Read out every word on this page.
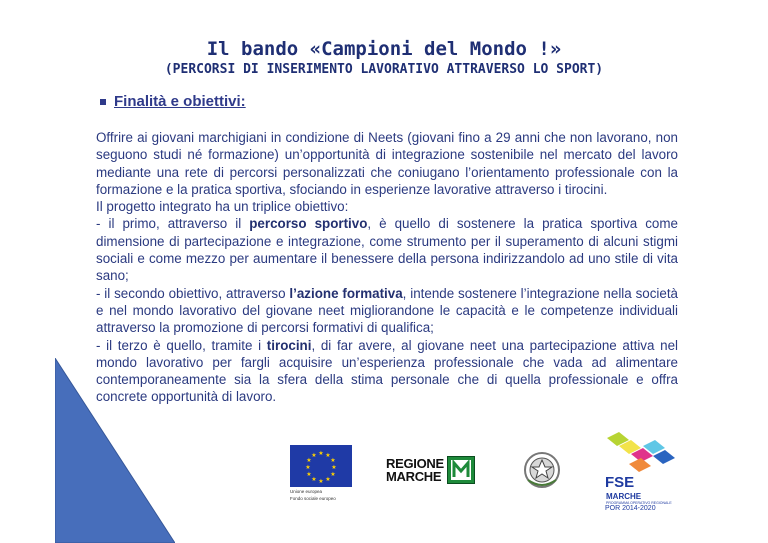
Il bando «Campioni del Mondo !»
(PERCORSI DI INSERIMENTO LAVORATIVO ATTRAVERSO LO SPORT)
Finalità e obiettivi:

Offrire ai giovani marchigiani in condizione di Neets (giovani fino a 29 anni che non lavorano, non seguono studi né formazione) un’opportunità di integrazione sostenibile nel mercato del lavoro mediante una rete di percorsi personalizzati che coniugano l’orientamento professionale con la formazione e la pratica sportiva, sfociando in esperienze lavorative attraverso i tirocini.

Il progetto integrato ha un triplice obiettivo:

- il primo, attraverso il percorso sportivo, è quello di sostenere la pratica sportiva come dimensione di partecipazione e integrazione, come strumento per il superamento di alcuni stigmi sociali e come mezzo per aumentare il benessere della persona indirizzandolo ad uno stile di vita sano;

- il secondo obiettivo, attraverso l’azione formativa, intende sostenere l’integrazione nella società e nel mondo lavorativo del giovane neet migliorandone le capacità e le competenze individuali attraverso la promozione di percorsi formativi di qualifica;

- il terzo è quello, tramite i tirocini, di far avere, al giovane neet una partecipazione attiva nel mondo lavorativo per fargli acquisire un’esperienza professionale che vada ad alimentare contemporaneamente sia la sfera della stima personale che di quella professionale e offra concrete opportunità di lavoro.

★ ★
★
★
★
★
★
★
★
★
★
★
Unione europea
Fondo sociale europeo
REGIONE
MARCHE	FSE
MARCHE
PROGRAMMA OPERATIVO REGIONALE
POR 2014-2020
